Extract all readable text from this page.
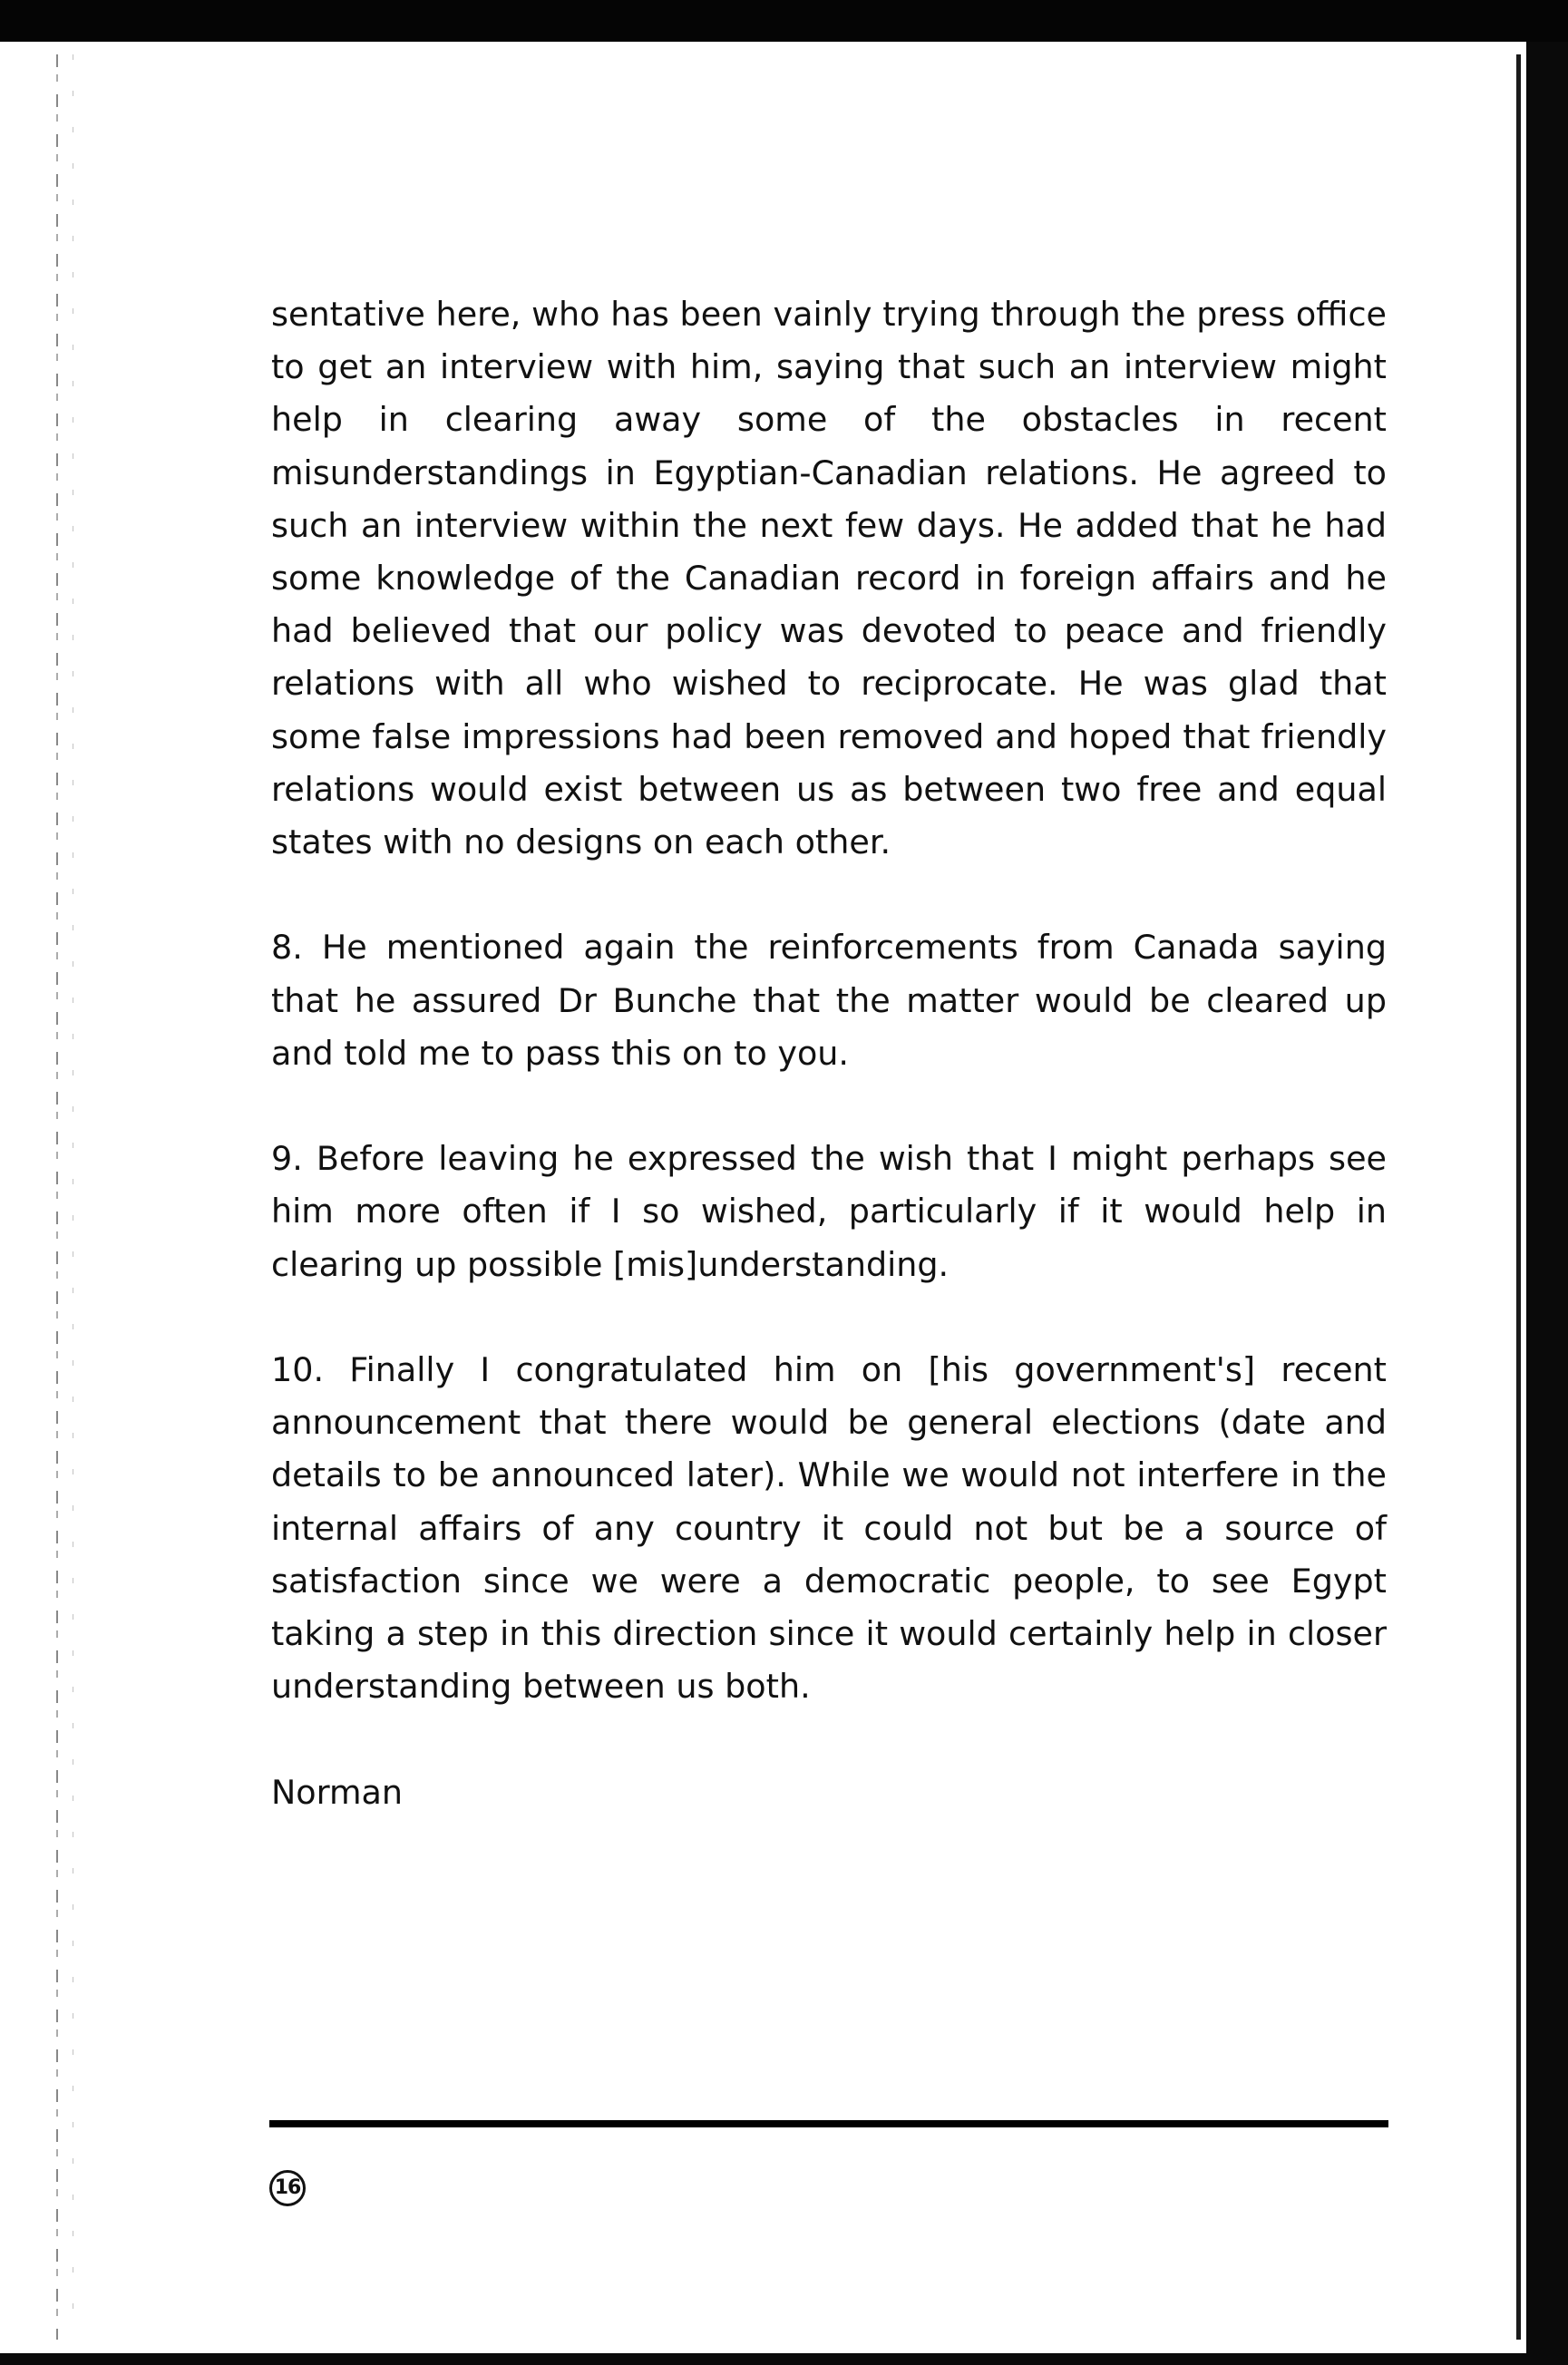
sentative here, who has been vainly trying through the press office to get an interview with him, saying that such an interview might help in clearing away some of the obstacles in recent misunderstandings in Egyptian-Canadian relations. He agreed to such an interview within the next few days. He added that he had some knowledge of the Canadian record in foreign affairs and he had believed that our policy was devoted to peace and friendly relations with all who wished to reciprocate. He was glad that some false impressions had been removed and hoped that friendly relations would exist between us as between two free and equal states with no designs on each other.

8. He mentioned again the reinforcements from Canada saying that he assured Dr Bunche that the matter would be cleared up and told me to pass this on to you.

9. Before leaving he expressed the wish that I might perhaps see him more often if I so wished, particularly if it would help in clearing up possible [mis]understanding.

10. Finally I congratulated him on [his government's] recent announcement that there would be general elections (date and details to be announced later). While we would not interfere in the internal affairs of any country it could not but be a source of satisfaction since we were a democratic people, to see Egypt taking a step in this direction since it would certainly help in closer understanding between us both.

Norman

16
